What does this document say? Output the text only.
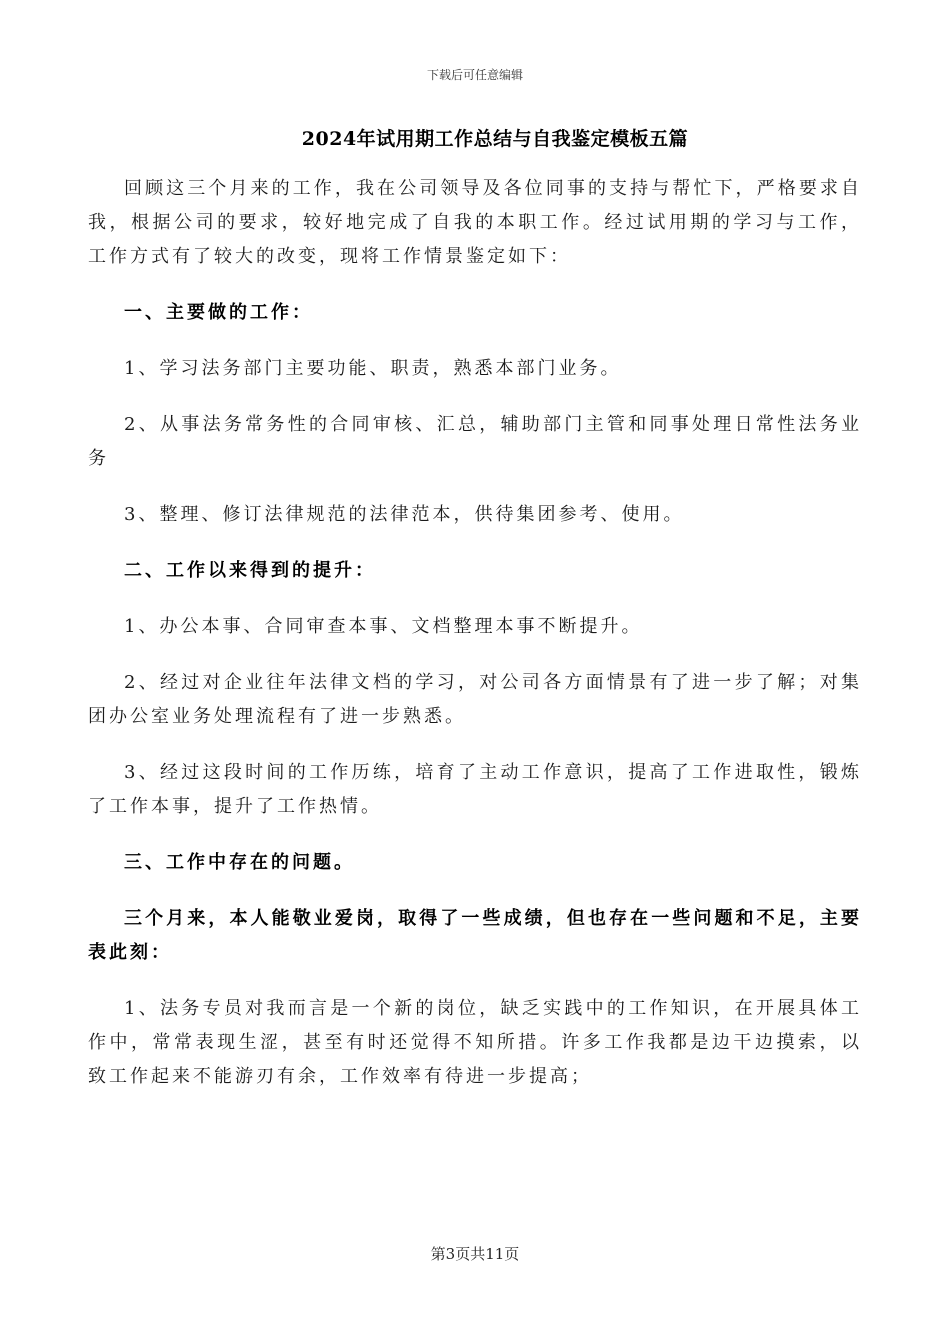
下载后可任意编辑
2024年试用期工作总结与自我鉴定模板五篇

回顾这三个月来的工作，我在公司领导及各位同事的支持与帮忙下，严格要求自我，根据公司的要求，较好地完成了自我的本职工作。经过试用期的学习与工作，工作方式有了较大的改变，现将工作情景鉴定如下：

一、主要做的工作：

1、学习法务部门主要功能、职责，熟悉本部门业务。

2、从事法务常务性的合同审核、汇总，辅助部门主管和同事处理日常性法务业务

3、整理、修订法律规范的法律范本，供待集团参考、使用。

二、工作以来得到的提升：

1、办公本事、合同审查本事、文档整理本事不断提升。

2、经过对企业往年法律文档的学习，对公司各方面情景有了进一步了解；对集团办公室业务处理流程有了进一步熟悉。

3、经过这段时间的工作历练，培育了主动工作意识，提高了工作进取性，锻炼了工作本事，提升了工作热情。

三、工作中存在的问题。

三个月来，本人能敬业爱岗，取得了一些成绩，但也存在一些问题和不足，主要表此刻：

1、法务专员对我而言是一个新的岗位，缺乏实践中的工作知识，在开展具体工作中，常常表现生涩，甚至有时还觉得不知所措。许多工作我都是边干边摸索，以致工作起来不能游刃有余，工作效率有待进一步提高；

第3页共11页
